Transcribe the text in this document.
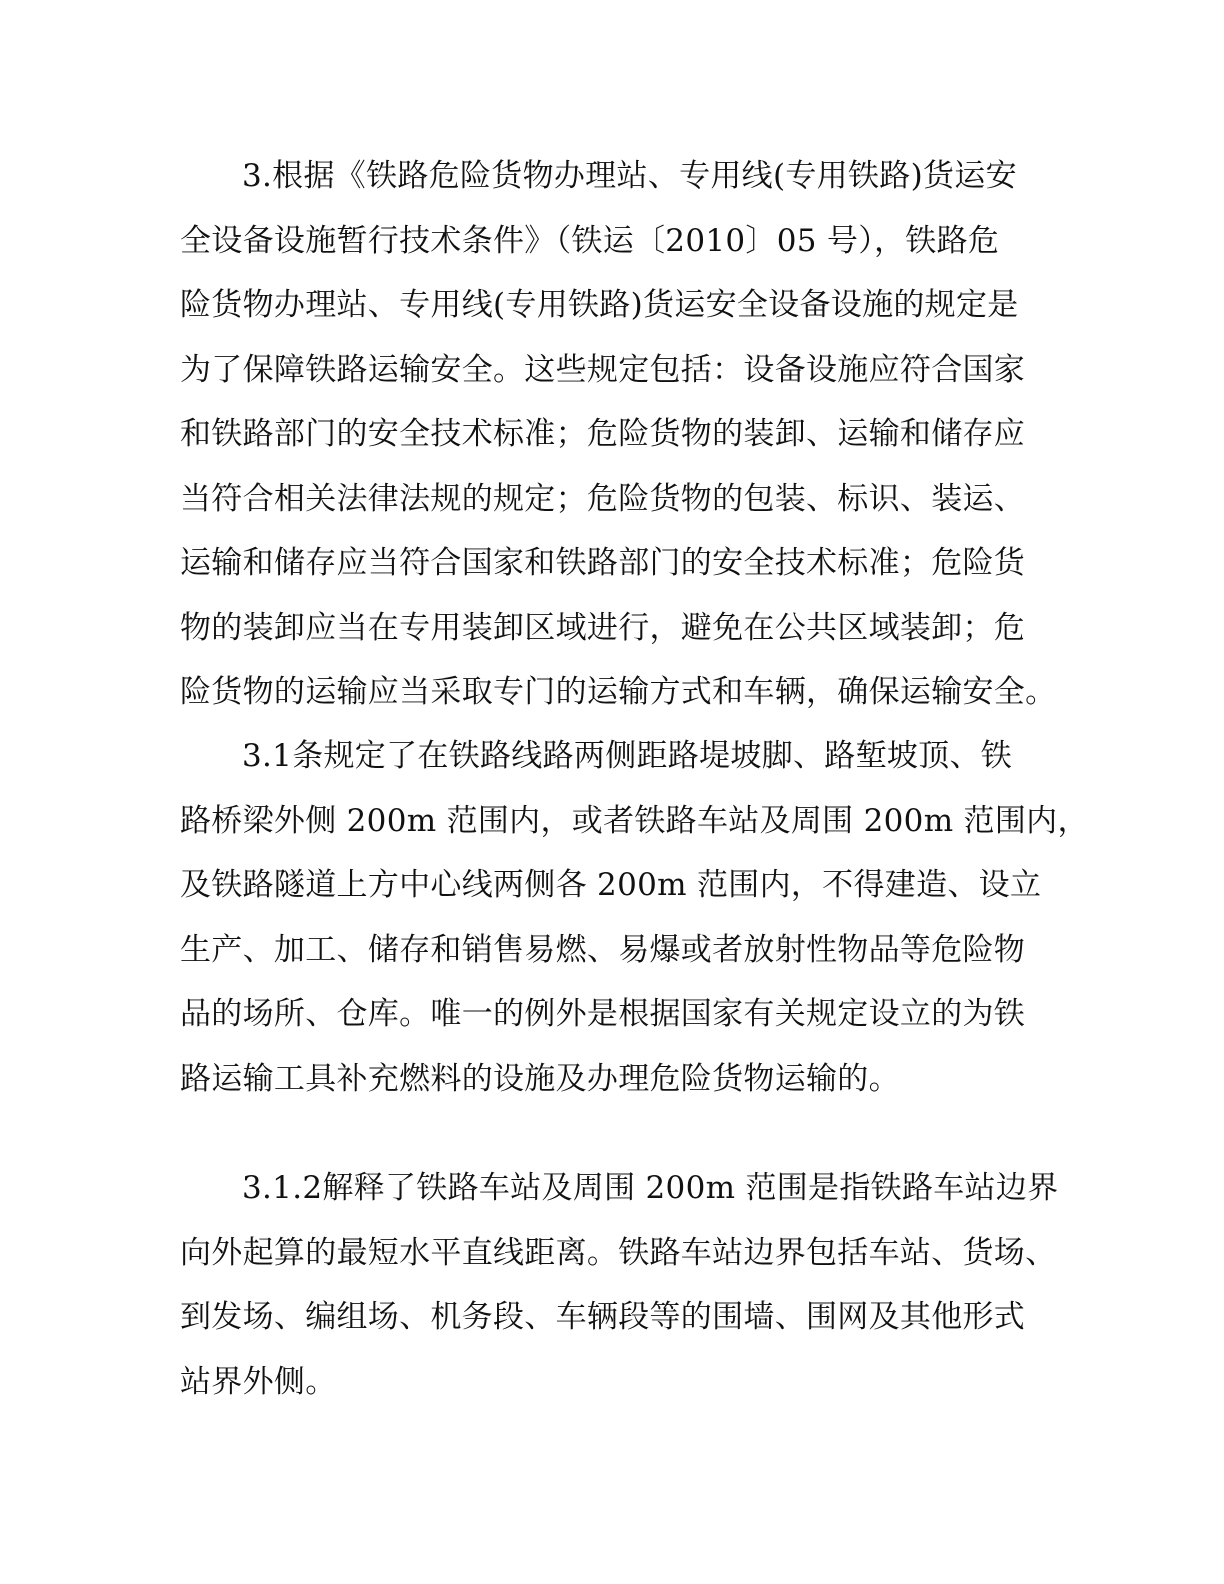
3.根据《铁路危险货物办理站、专用线(专用铁路)货运安
全设备设施暂行技术条件》（铁运〔2010〕05 号），铁路危
险货物办理站、专用线(专用铁路)货运安全设备设施的规定是
为了保障铁路运输安全。这些规定包括：设备设施应符合国家
和铁路部门的安全技术标准；危险货物的装卸、运输和储存应
当符合相关法律法规的规定；危险货物的包装、标识、装运、
运输和储存应当符合国家和铁路部门的安全技术标准；危险货
物的装卸应当在专用装卸区域进行，避免在公共区域装卸；危
险货物的运输应当采取专门的运输方式和车辆，确保运输安全。

3.1条规定了在铁路线路两侧距路堤坡脚、路堑坡顶、铁
路桥梁外侧 200m 范围内，或者铁路车站及周围 200m 范围内，
及铁路隧道上方中心线两侧各 200m 范围内，不得建造、设立
生产、加工、储存和销售易燃、易爆或者放射性物品等危险物
品的场所、仓库。唯一的例外是根据国家有关规定设立的为铁
路运输工具补充燃料的设施及办理危险货物运输的。

3.1.2解释了铁路车站及周围 200m 范围是指铁路车站边界
向外起算的最短水平直线距离。铁路车站边界包括车站、货场、
到发场、编组场、机务段、车辆段等的围墙、围网及其他形式
站界外侧。
